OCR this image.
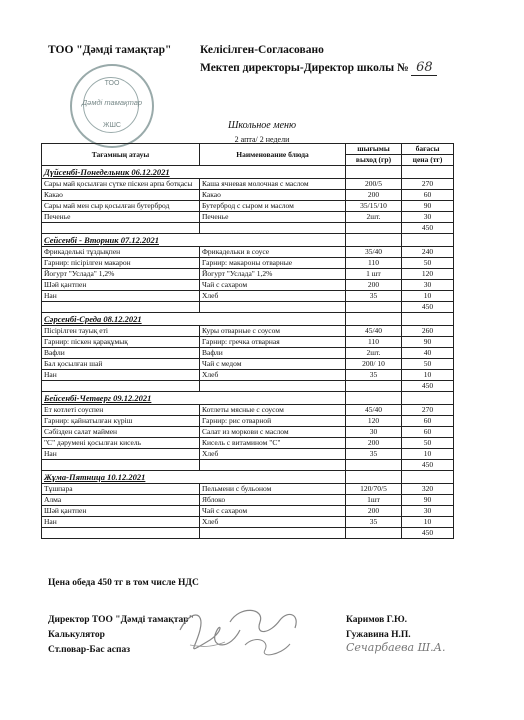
ТОО "Дәмді тамақтар" Келісілген-Согласовано
Мектеп директоры-Директор школы № 68
ТОО
Дәмді тамақтар
ЖШС	Школьное меню
2 апта/ 2 недели
Тағамның атауы	Наименование блюда	шығымы	бағасы
		выход (гр)	цена (тг)
Дүйсенбі-Понедельник 06.12.2021			
Сары май қосылған сүтке піскен арпа ботқасы	Каша ячневая молочная с маслом	200/5	270
Какао	Какао	200	60
Сары май мен сыр қосылған бутерброд	Бутерброд с сыром и маслом	35/15/10	90
Печенье	Печенье	2шт.	30
			450
Сейсенбі - Вторник 07.12.2021			
Фрикаделькі тұздықпен	Фрикадельки в соусе	35/40	240
Гарнир: пісірілген макарон	Гарнир: макароны отварные	110	50
Йогурт "Услада" 1,2%	Йогурт "Услада" 1,2%	1 шт	120
Шәй қантпен	Чай с сахаром	200	30
Нан	Хлеб	35	10
			450
Сәрсенбі-Среда 08.12.2021			
Пісірілген тауық еті	Куры отварные с соусом	45/40	260
Гарнир: піскен қарақұмық	Гарнир: гречка отварная	110	90
Вафли	Вафли	2шт.	40
Бал қосылған шай	Чай с медом	200/ 10	50
Нан	Хлеб	35	10
			450
Бейсенбі-Четверг 09.12.2021			
Ет котлеті соуспен	Котлеты мясные с соусом	45/40	270
Гарнир: қайнатылған күріш	Гарнир: рис отварной	120	60
Сәбізден салат маймен	Салат из моркови с маслом	30	60
"С" дәрумені қосылған кисель	Кисель с витамином "С"	200	50
Нан	Хлеб	35	10
			450
Жұма-Пятница 10.12.2021			
Тұшпара	Пельмени с бульоном	120/70/5	320
Алма	Яблоко	1шт	90
Шәй қантпен	Чай с сахаром	200	30
Нан	Хлеб	35	10
			450
Цена обеда 450 тг в том числе НДС
Директор ТОО "Дәмді тамақтар"	Каримов Г.Ю.
Калькулятор	Гужавина Н.П.
Ст.повар-Бас аспаз	Сечарбаева Ш.А.
